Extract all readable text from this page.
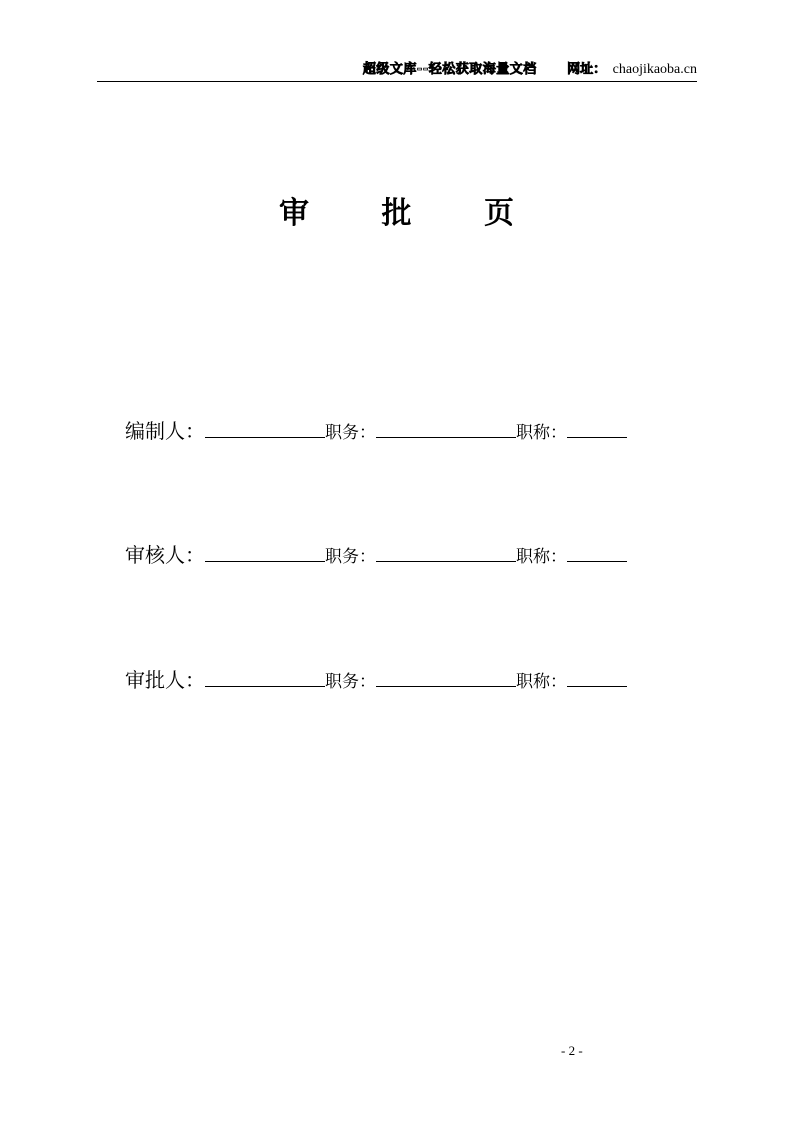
超级文库--轻松获取海量文档 网址： chaojikaoba.cn
审 批 页
编制人：	职务：	职称：
审核人：	职务：	职称：
审批人：	职务：	职称：
- 2 -
